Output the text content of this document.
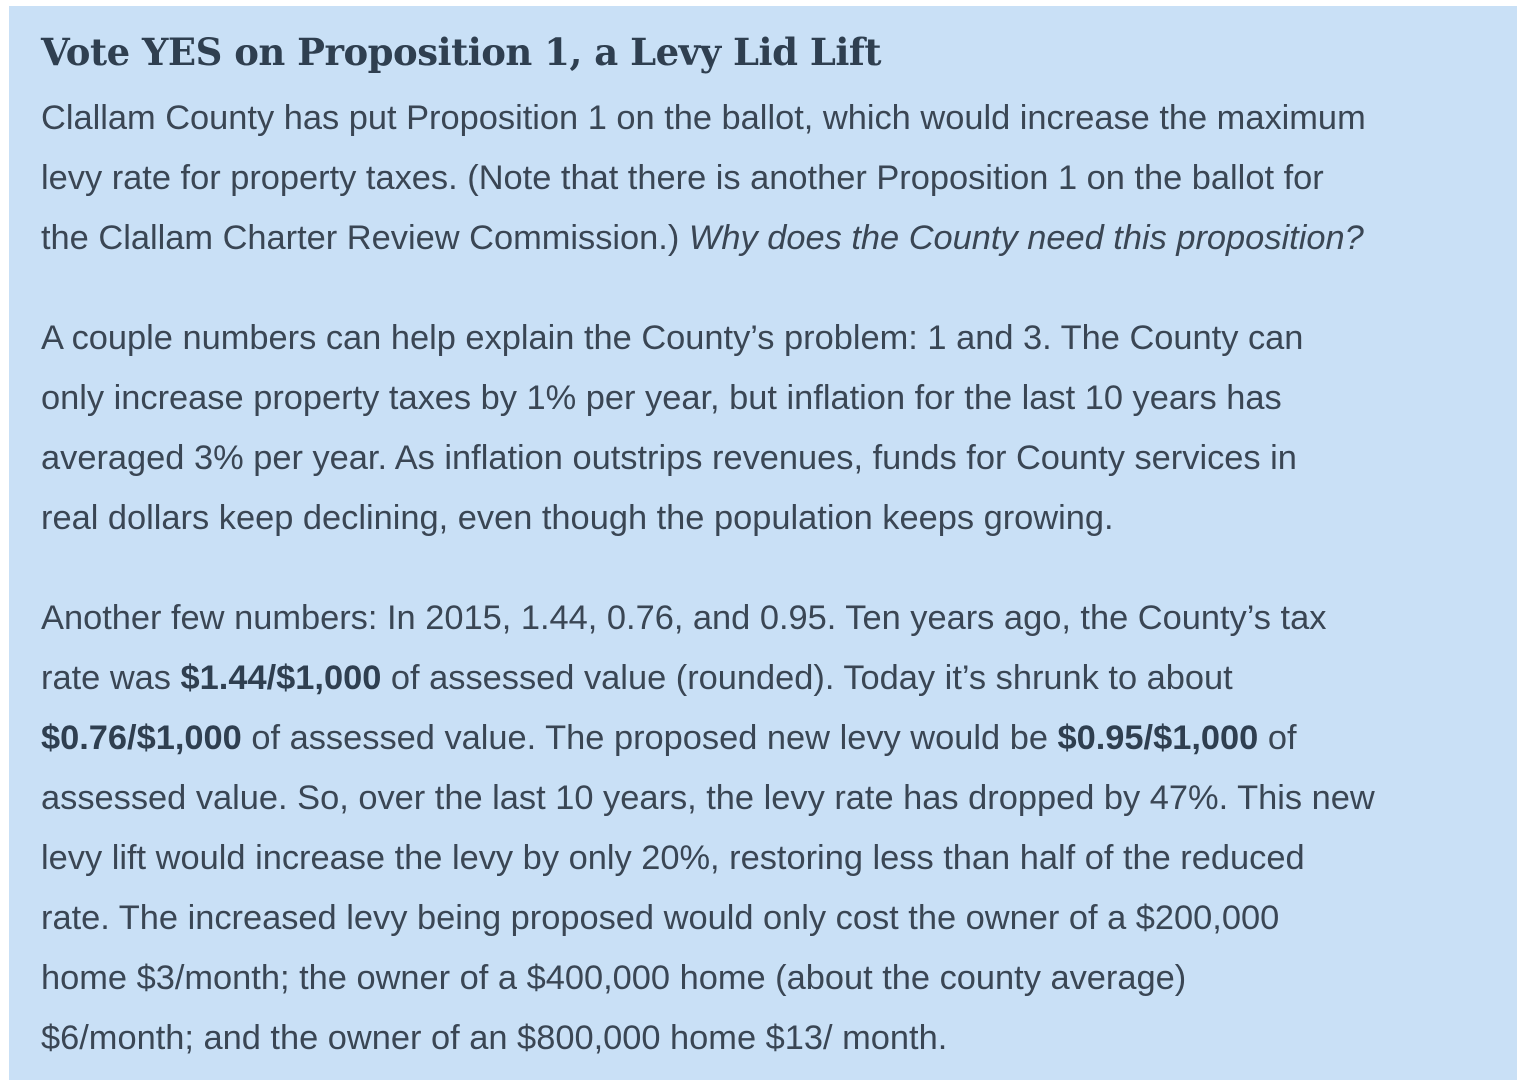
Vote YES on Proposition 1, a Levy Lid Lift

Clallam County has put Proposition 1 on the ballot, which would increase the maximum
levy rate for property taxes. (Note that there is another Proposition 1 on the ballot for
the Clallam Charter Review Commission.) Why does the County need this proposition?

A couple numbers can help explain the County’s problem: 1 and 3. The County can
only increase property taxes by 1% per year, but inflation for the last 10 years has
averaged 3% per year. As inflation outstrips revenues, funds for County services in
real dollars keep declining, even though the population keeps growing.

Another few numbers: In 2015, 1.44, 0.76, and 0.95. Ten years ago, the County’s tax
rate was $1.44/$1,000 of assessed value (rounded). Today it’s shrunk to about
$0.76/$1,000 of assessed value. The proposed new levy would be $0.95/$1,000 of
assessed value. So, over the last 10 years, the levy rate has dropped by 47%. This new
levy lift would increase the levy by only 20%, restoring less than half of the reduced
rate. The increased levy being proposed would only cost the owner of a $200,000
home $3/month; the owner of a $400,000 home (about the county average)
$6/month; and the owner of an $800,000 home $13/ month.
